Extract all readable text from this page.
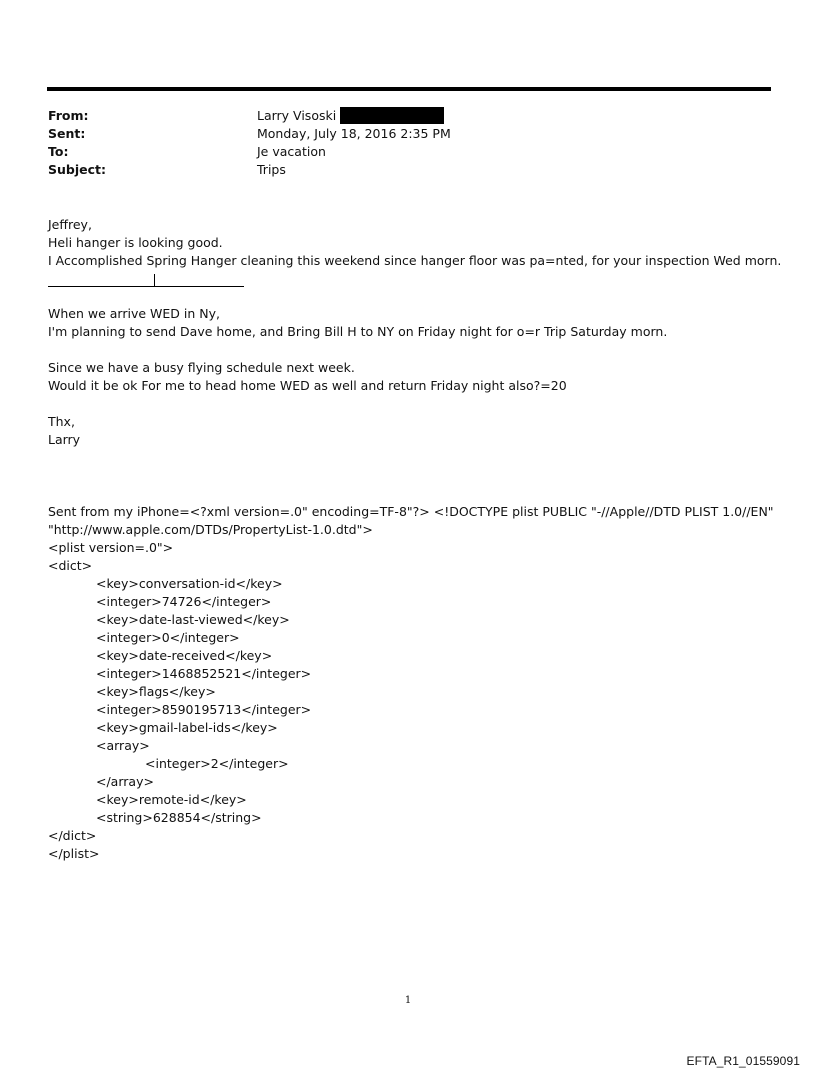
From:	Larry Visoski
Sent:	Monday, July 18, 2016 2:35 PM
To:	Je vacation
Subject:	Trips
Jeffrey,
Heli hanger is looking good.
I Accomplished Spring Hanger cleaning this weekend since hanger floor was pa=nted, for your inspection Wed morn.
When we arrive WED in Ny,
I'm planning to send Dave home, and Bring Bill H to NY on Friday night for o=r Trip Saturday morn.
Since we have a busy flying schedule next week.
Would it be ok For me to head home WED as well and return Friday night also?=20
Thx,
Larry
Sent from my iPhone=<?xml version=.0" encoding=TF-8"?> <!DOCTYPE plist PUBLIC "-//Apple//DTD PLIST 1.0//EN"
"http://www.apple.com/DTDs/PropertyList-1.0.dtd">
<plist version=.0">
<dict>
<key>conversation-id</key>
<integer>74726</integer>
<key>date-last-viewed</key>
<integer>0</integer>
<key>date-received</key>
<integer>1468852521</integer>
<key>flags</key>
<integer>8590195713</integer>
<key>gmail-label-ids</key>
<array>
<integer>2</integer>
</array>
<key>remote-id</key>
<string>628854</string>
</dict>
</plist>
1
EFTA_R1_01559091
